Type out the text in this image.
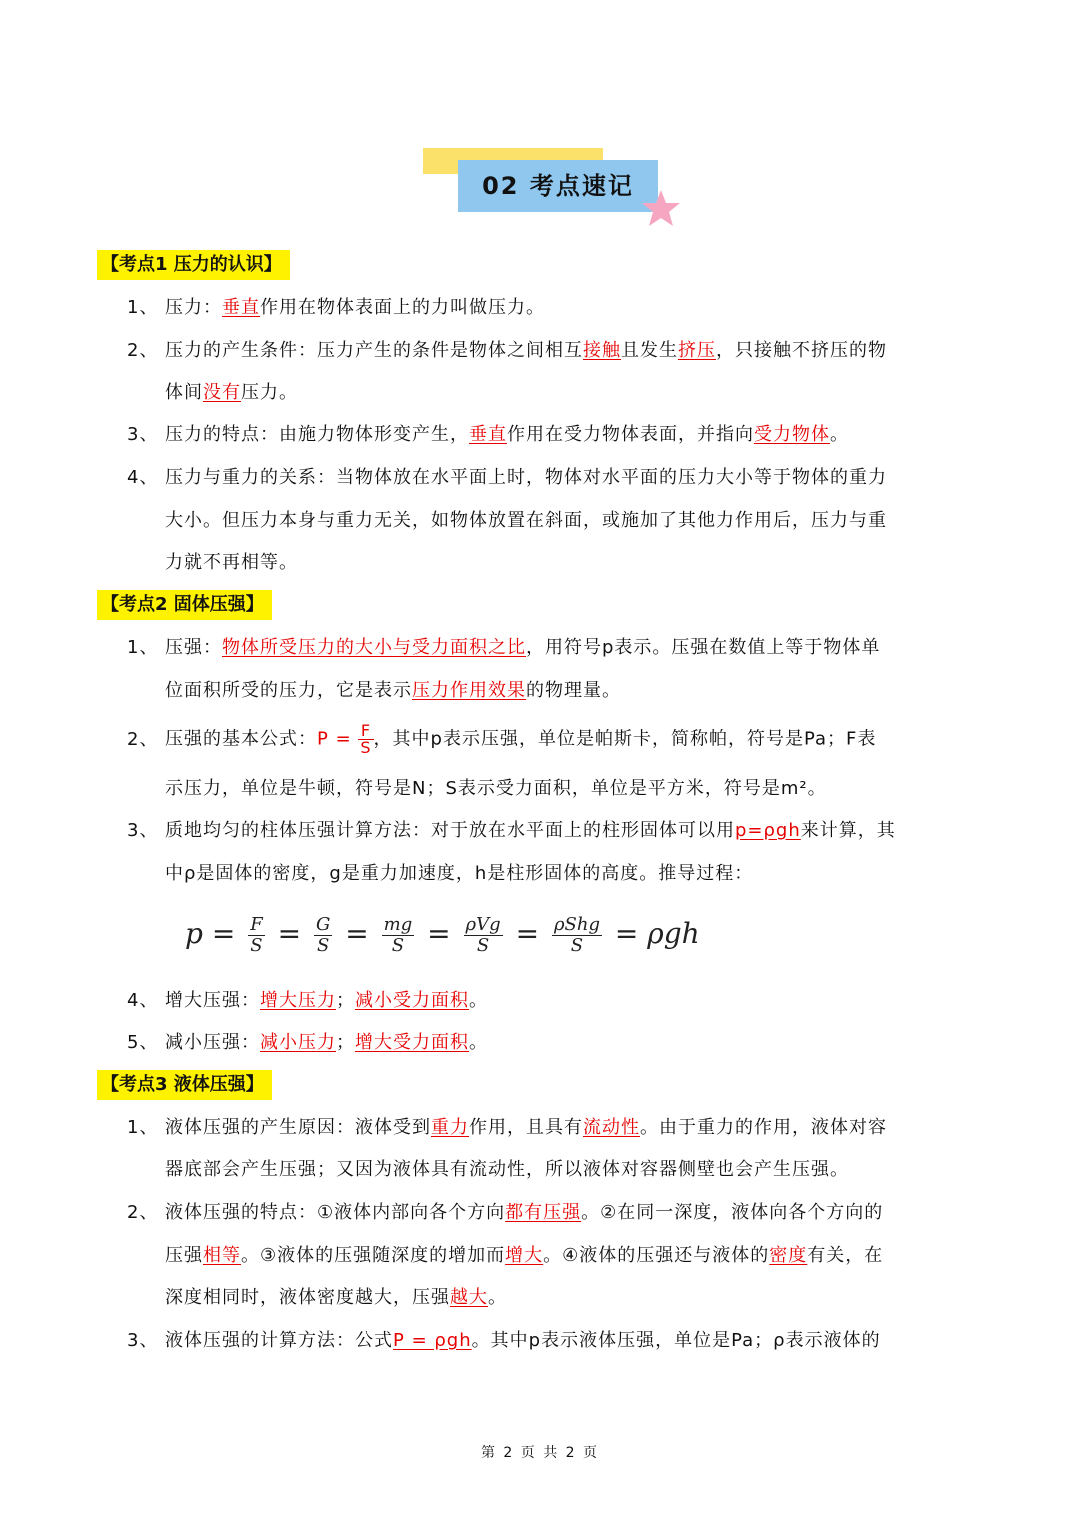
02 考点速记
【考点1 压力的认识】
1、 压力：垂直作用在物体表面上的力叫做压力。
2、 压力的产生条件：压力产生的条件是物体之间相互接触且发生挤压，只接触不挤压的物
体间没有压力。
3、 压力的特点：由施力物体形变产生，垂直作用在受力物体表面，并指向受力物体。
4、 压力与重力的关系：当物体放在水平面上时，物体对水平面的压力大小等于物体的重力
大小。但压力本身与重力无关，如物体放置在斜面，或施加了其他力作用后，压力与重
力就不再相等。
【考点2 固体压强】
1、 压强：物体所受压力的大小与受力面积之比，用符号p表示。压强在数值上等于物体单
位面积所受的压力，它是表示压力作用效果的物理量。
2、 压强的基本公式：$P = \frac{F}{S}$ ，其中p表示压强，单位是帕斯卡，简称帕，符号是Pa；F表
示压力，单位是牛顿，符号是N；S表示受力面积，单位是平方米，符号是m²。
3、 质地均匀的柱体压强计算方法：对于放在水平面上的柱形固体可以用p=ρgh来计算，其
中ρ是固体的密度，g是重力加速度，h是柱形固体的高度。推导过程：
$p = \frac{F}{S} = \frac{G}{S} = \frac{mg}{S} = \rho Vg$
S = ρShg
S	= ρgh
4、 增大压强：增大压力；减小受力面积。
5、 减小压强：减小压力；增大受力面积。
【考点3 液体压强】
1、 液体压强的产生原因：液体受到重力作用，且具有流动性。由于重力的作用，液体对容
器底部会产生压强；又因为液体具有流动性，所以液体对容器侧壁也会产生压强。
2、 液体压强的特点：①液体内部向各个方向都有压强。②在同一深度，液体向各个方向的
压强相等。③液体的压强随深度的增加而增大。④液体的压强还与液体的密度有关，在
深度相同时，液体密度越大，压强越大。
3、 液体压强的计算方法：公式P = ρgh。其中p表示液体压强，单位是Pa；ρ表示液体的
第 2 页 共 2 页
